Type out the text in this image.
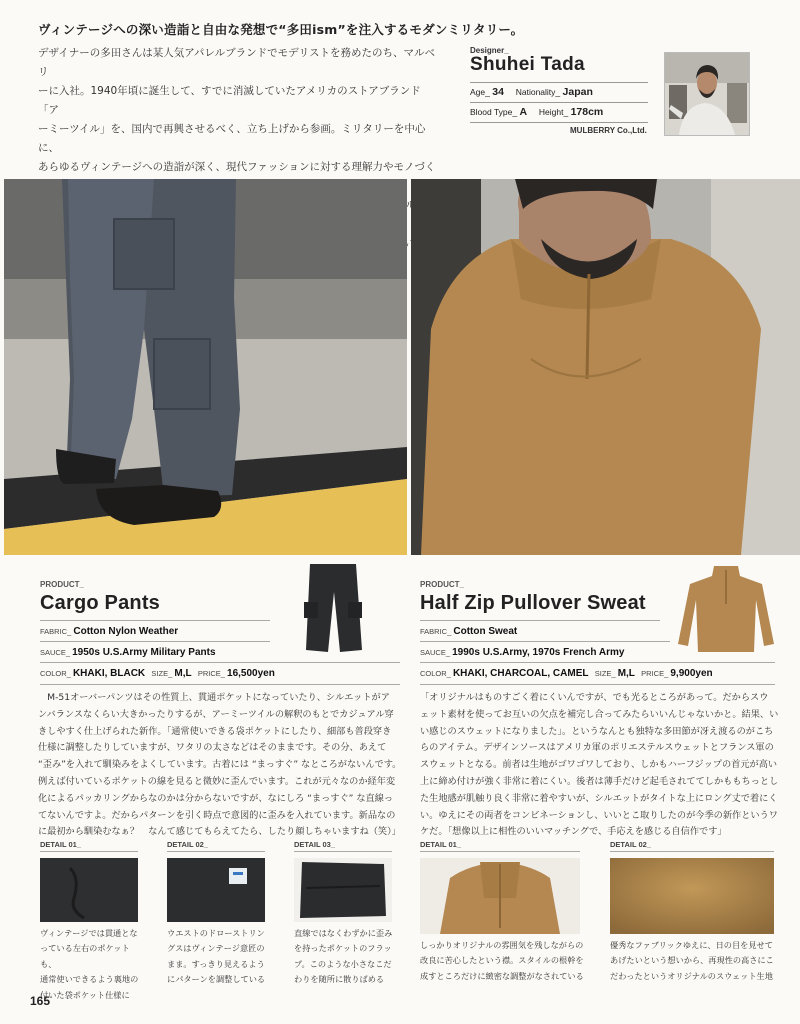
ヴィンテージへの深い造詣と自由な発想で“多田ism”を注入するモダンミリタリー。

デザイナーの多田さんは某人気アパレルブランドでモデリストを務めたのち、マルベリ

ーに入社。1940年頃に誕生して、すでに消滅していたアメリカのストアブランド「ア

ーミーツイル」を、国内で再興させるべく、立ち上げから参画。ミリタリーを中心に、

あらゆるヴィンテージへの造詣が深く、現代ファッションに対する理解力やモノづく

Designer_
Shuhei Tada
Age_ 34 Nationality_ Japan
Blood Type_ A Height_ 178cm
MULBERRY Co.,Ltd.
PRODUCT_
Cargo Pants
FABRIC_ Cotton Nylon Weather
SAUCE_ 1950s U.S.Army Military Pants
COLOR_ KHAKI, BLACK SIZE_ M,L PRICE_ 16,500yen

　M-51オーバーパンツはその性質上、貫通ポケットになっていたり、シルエットがア

ンバランスなくらい大きかったりするが、アーミーツイルの解釈のもとでカジュアル穿

きしやすく仕上げられた新作。「通常使いできる袋ポケットにしたり、細部も普段穿き

仕様に調整したりしていますが、ワタリの太さなどはそのままです。その分、あえて

“歪み”を入れて馴染みをよくしています。古着には “まっすぐ” なところがないんです。

例えば付いているポケットの線を見ると微妙に歪んでいます。これが元々なのか経年変

化によるパッカリングからなのかは分からないですが、なにしろ “まっすぐ” な直線っ

てないんですよ。だからパターンを引く時点で意図的に歪みを入れています。新品なの

に最初から馴染むなぁ？　なんて感じてもらえてたら、したり顔しちゃいますね（笑）」

DETAIL 01_
ヴィンテージでは貫通とな
っている左右のポケットも、
通常使いできるよう裏地の
付いた袋ポケット仕様に
DETAIL 02_
ウエストのドローストリン
グスはヴィンテージ意匠の
まま。すっきり見えるよう
にパターンを調整している
DETAIL 03_
直線ではなくわずかに歪み
を持ったポケットのフラッ
プ。このような小さなこだ
わりを随所に散りばめる
PRODUCT_
Half Zip Pullover Sweat
FABRIC_ Cotton Sweat
SAUCE_ 1990s U.S.Army, 1970s French Army
COLOR_ KHAKI, CHARCOAL, CAMEL SIZE_ M,L PRICE_ 9,900yen

「オリジナルはものすごく着にくいんですが、でも光るところがあって。だからスウ

ェット素材を使ってお互いの欠点を補完し合ってみたらいいんじゃないかと。結果、い

い感じのスウェットになりました」。というなんとも独特な多田節が冴え渡るのがこち

らのアイテム。デザインソースはアメリカ軍のポリエステルスウェットとフランス軍の

スウェットとなる。前者は生地がゴワゴワしており、しかもハーフジップの首元が高い

上に締め付けが強く非常に着にくい。後者は薄手だけど起毛されててしかももちっとし

た生地感が肌触り良く非常に着やすいが、シルエットがタイトな上にロング丈で着にく

い。ゆえにその両者をコンビネーションし、いいとこ取りしたのが今季の新作というワ

ケだ。「想像以上に相性のいいマッチングで、手応えを感じる自信作です」

DETAIL 01_
しっかりオリジナルの雰囲気を残しながらの
改良に苦心したという襟。スタイルの根幹を
成すところだけに緻密な調整がなされている
DETAIL 02_
優秀なファブリックゆえに、日の目を見せて
あげたいという想いから、再現性の高さにこ
だわったというオリジナルのスウェット生地
165
